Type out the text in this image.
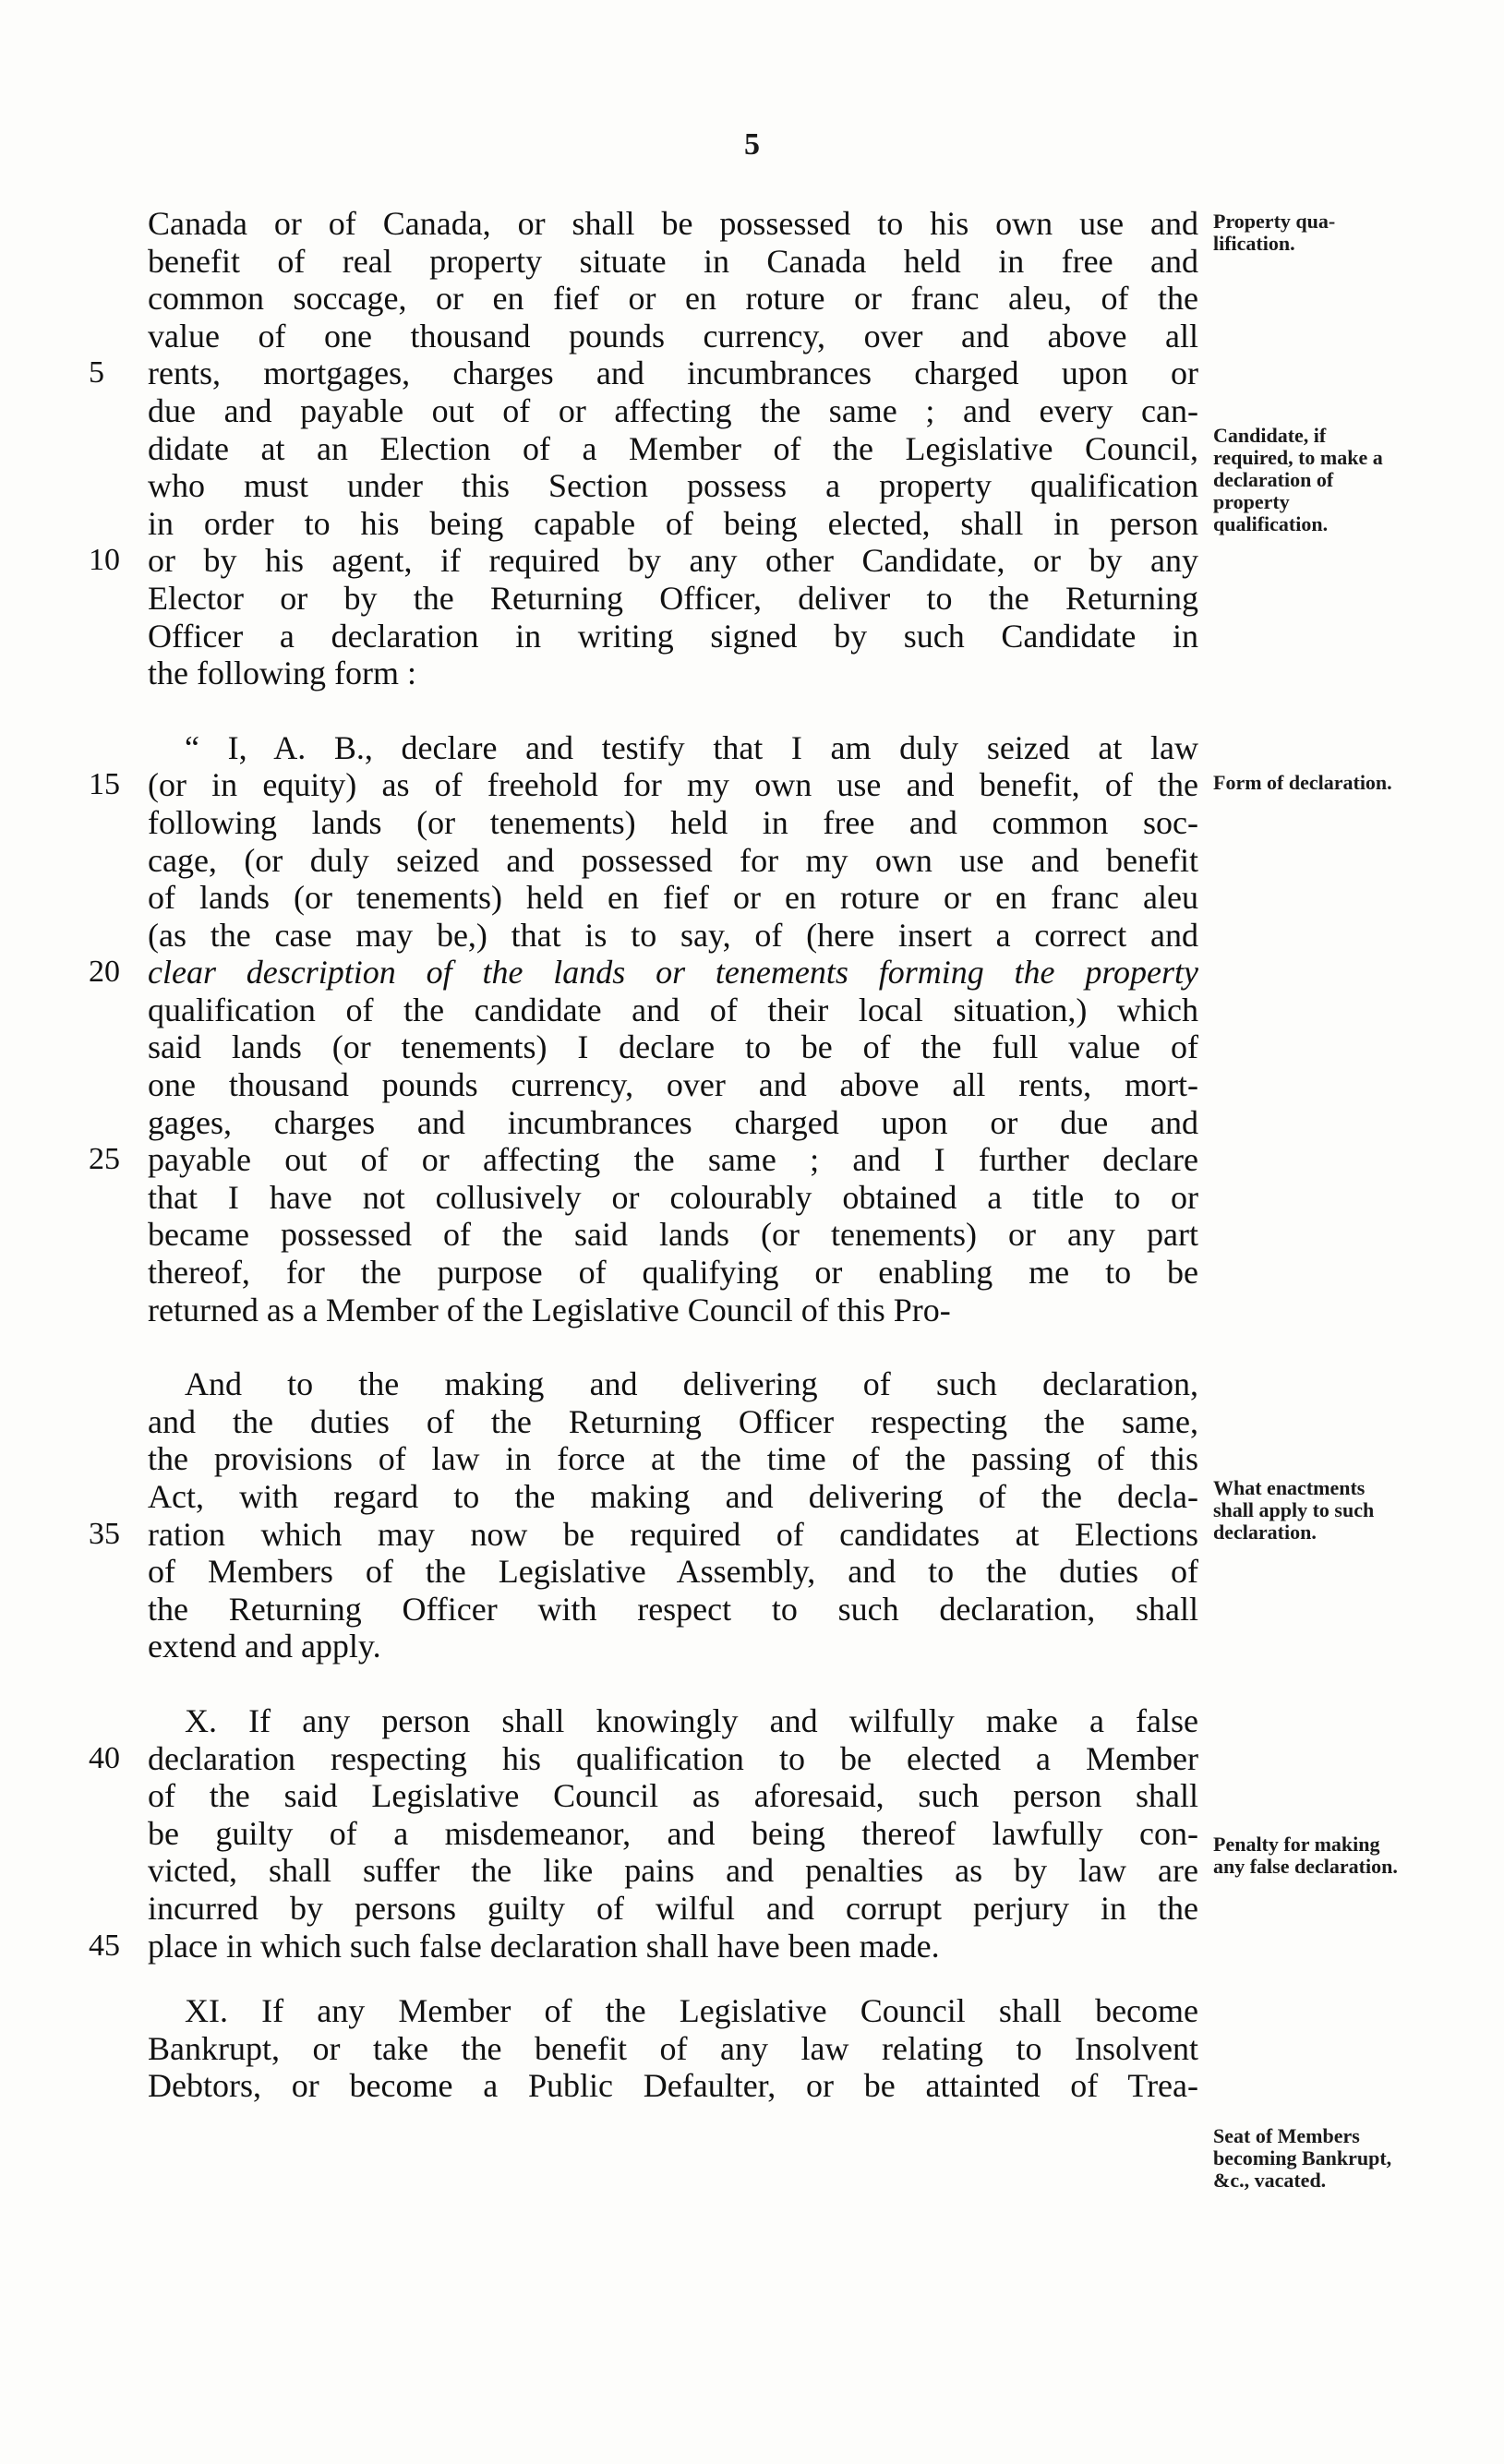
5
Canada or of Canada, or shall be possessed to his own use and
benefit of real property situate in Canada held in free and
common soccage, or en fief or en roture or franc aleu, of the
value of one thousand pounds currency, over and above all
5	rents, mortgages, charges and incumbrances charged upon or
due and payable out of or affecting the same ; and every can-
didate at an Election of a Member of the Legislative Council,
who must under this Section possess a property qualification
in order to his being capable of being elected, shall in person
10 or by his agent, if required by any other Candidate, or by any
Elector or by the Returning Officer, deliver to the Returning
Officer a declaration in writing signed by such Candidate in
the following form :
“ I, A. B., declare and testify that I am duly seized at law
15 (or in equity) as of freehold for my own use and benefit, of the
following lands (or tenements) held in free and common soc-
cage, (or duly seized and possessed for my own use and benefit
of lands (or tenements) held en fief or en roture or en franc aleu
(as the case may be,) that is to say, of (here insert a correct and
20 clear description of the lands or tenements forming the property
qualification of the candidate and of their local situation,) which
said lands (or tenements) I declare to be of the full value of
one thousand pounds currency, over and above all rents, mort-
gages, charges and incumbrances charged upon or due and
25 payable out of or affecting the same ; and I further declare
that I have not collusively or colourably obtained a title to or
became possessed of the said lands (or tenements) or any part
thereof, for the purpose of qualifying or enabling me to be
returned as a Member of the Legislative Council of this Pro-
And to the making and delivering of such declaration,
and the duties of the Returning Officer respecting the same,
the provisions of law in force at the time of the passing of this
Act, with regard to the making and delivering of the decla-
35 ration which may now be required of candidates at Elections
of Members of the Legislative Assembly, and to the duties of
the Returning Officer with respect to such declaration, shall
extend and apply.
X. If any person shall knowingly and wilfully make a false
40 declaration respecting his qualification to be elected a Member
of the said Legislative Council as aforesaid, such person shall
be guilty of a misdemeanor, and being thereof lawfully con-
victed, shall suffer the like pains and penalties as by law are
incurred by persons guilty of wilful and corrupt perjury in the
45 place in which such false declaration shall have been made.
XI. If any Member of the Legislative Council shall become
Bankrupt, or take the benefit of any law relating to Insolvent
Debtors, or become a Public Defaulter, or be attainted of Trea-
Property qua-lification.
Candidate, if required, to make a declaration of property qualification.
Form of declaration.
What enactments shall apply to such declaration.
Penalty for making any false declaration.
Seat of Members becoming Bankrupt, &c., vacated.
